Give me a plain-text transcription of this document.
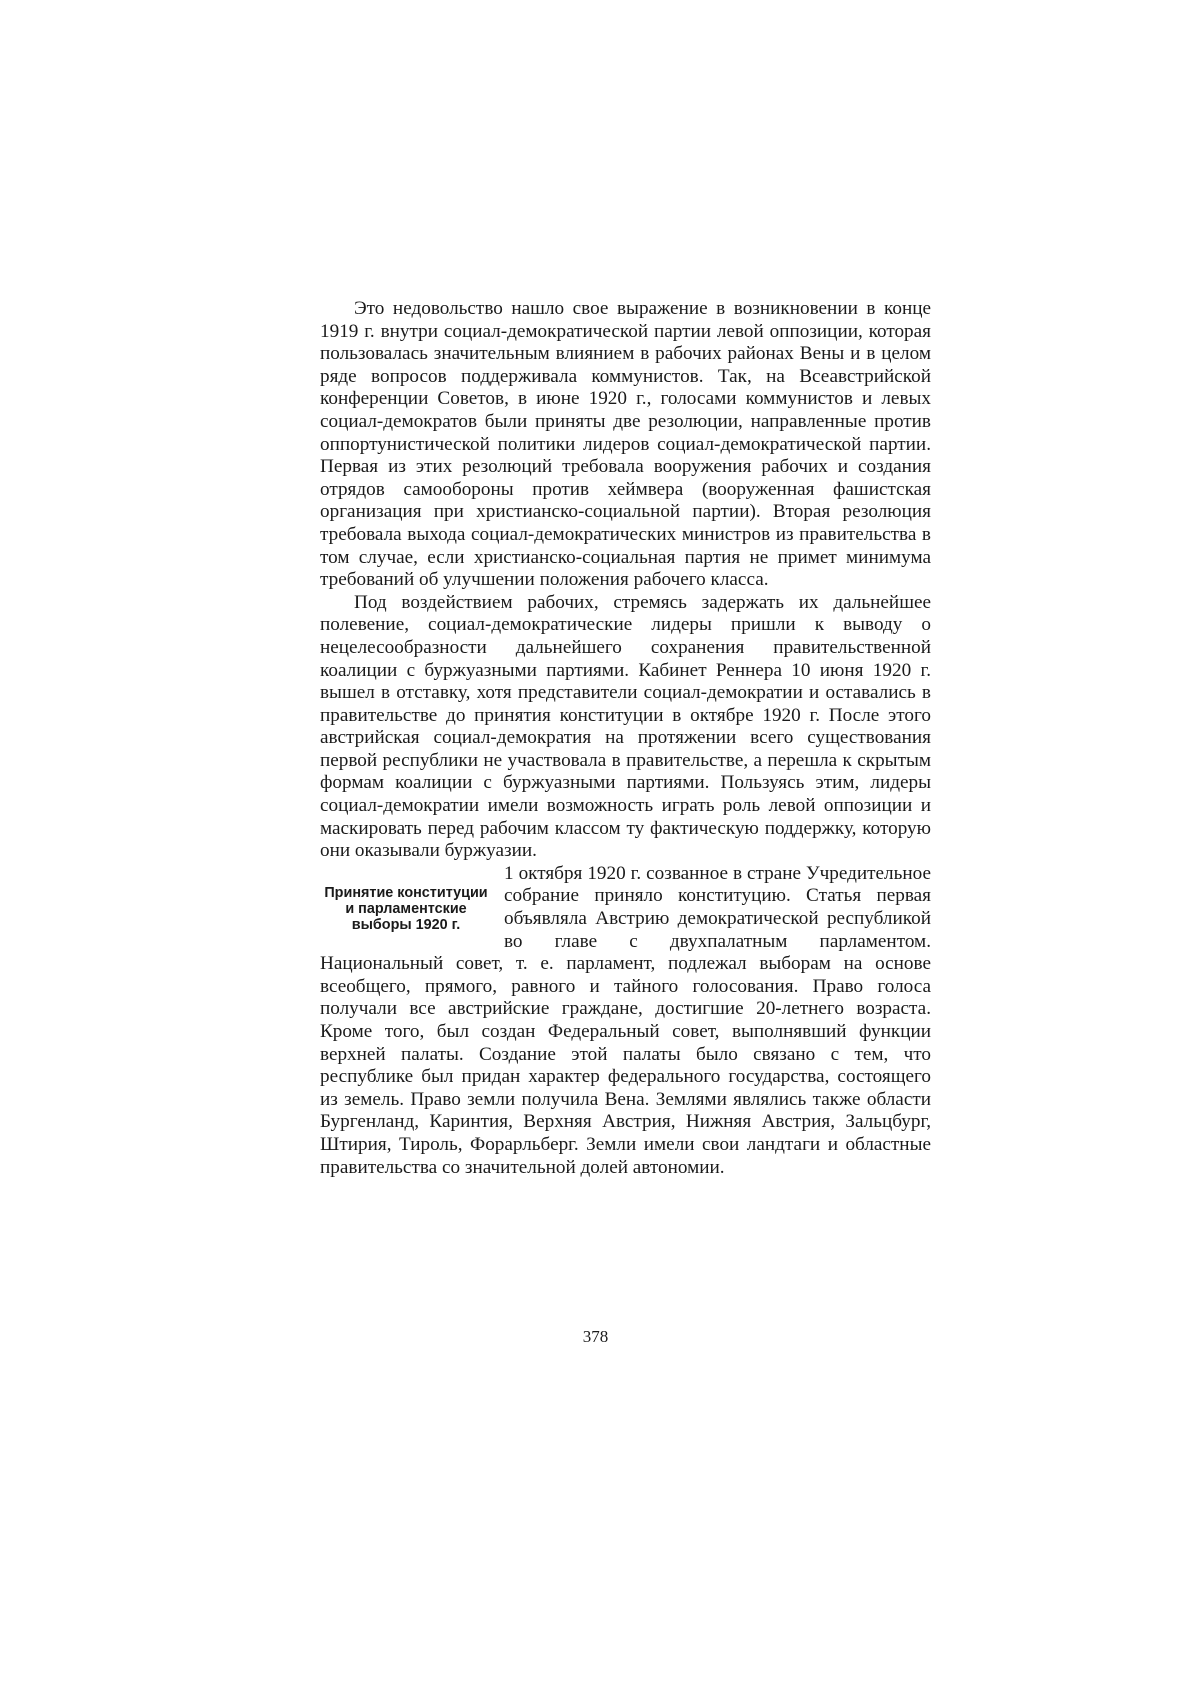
Это недовольство нашло свое выражение в возникновении в конце 1919 г. внутри социал-демократической партии левой оппозиции, которая пользовалась значительным влиянием в рабочих районах Вены и в целом ряде вопросов поддерживала коммунистов. Так, на Всеавстрийской конференции Советов, в июне 1920 г., голосами коммунистов и левых социал-демократов были приняты две резолюции, направленные против оппортунистической политики лидеров социал-демократической партии. Первая из этих резолюций требовала вооружения рабочих и создания отрядов самообороны против хеймвера (вооруженная фашистская организация при христианско-социальной партии). Вторая резолюция требовала выхода социал-демократических министров из правительства в том случае, если христианско-социальная партия не примет минимума требований об улучшении положения рабочего класса.

Под воздействием рабочих, стремясь задержать их дальнейшее полевение, социал-демократические лидеры пришли к выводу о нецелесообразности дальнейшего сохранения правительственной коалиции с буржуазными партиями. Кабинет Реннера 10 июня 1920 г. вышел в отставку, хотя представители социал-демократии и оставались в правительстве до принятия конституции в октябре 1920 г. После этого австрийская социал-демократия на протяжении всего существования первой республики не участвовала в правительстве, а перешла к скрытым формам коалиции с буржуазными партиями. Пользуясь этим, лидеры социал-демократии имели возможность играть роль левой оппозиции и маскировать перед рабочим классом ту фактическую поддержку, которую они оказывали буржуазии.

Принятие конституции и парламентские выборы 1920 г.

1 октября 1920 г. созванное в стране Учредительное собрание приняло конституцию. Статья первая объявляла Австрию демократической республикой во главе с двухпалатным парламентом. Национальный совет, т. е. парламент, подлежал выборам на основе всеобщего, прямого, равного и тайного голосования. Право голоса получали все австрийские граждане, достигшие 20-летнего возраста. Кроме того, был создан Федеральный совет, выполнявший функции верхней палаты. Создание этой палаты было связано с тем, что республике был придан характер федерального государства, состоящего из земель. Право земли получила Вена. Землями являлись также области Бургенланд, Каринтия, Верхняя Австрия, Нижняя Австрия, Зальцбург, Штирия, Тироль, Форарльберг. Земли имели свои ландтаги и областные правительства со значительной долей автономии.

378
